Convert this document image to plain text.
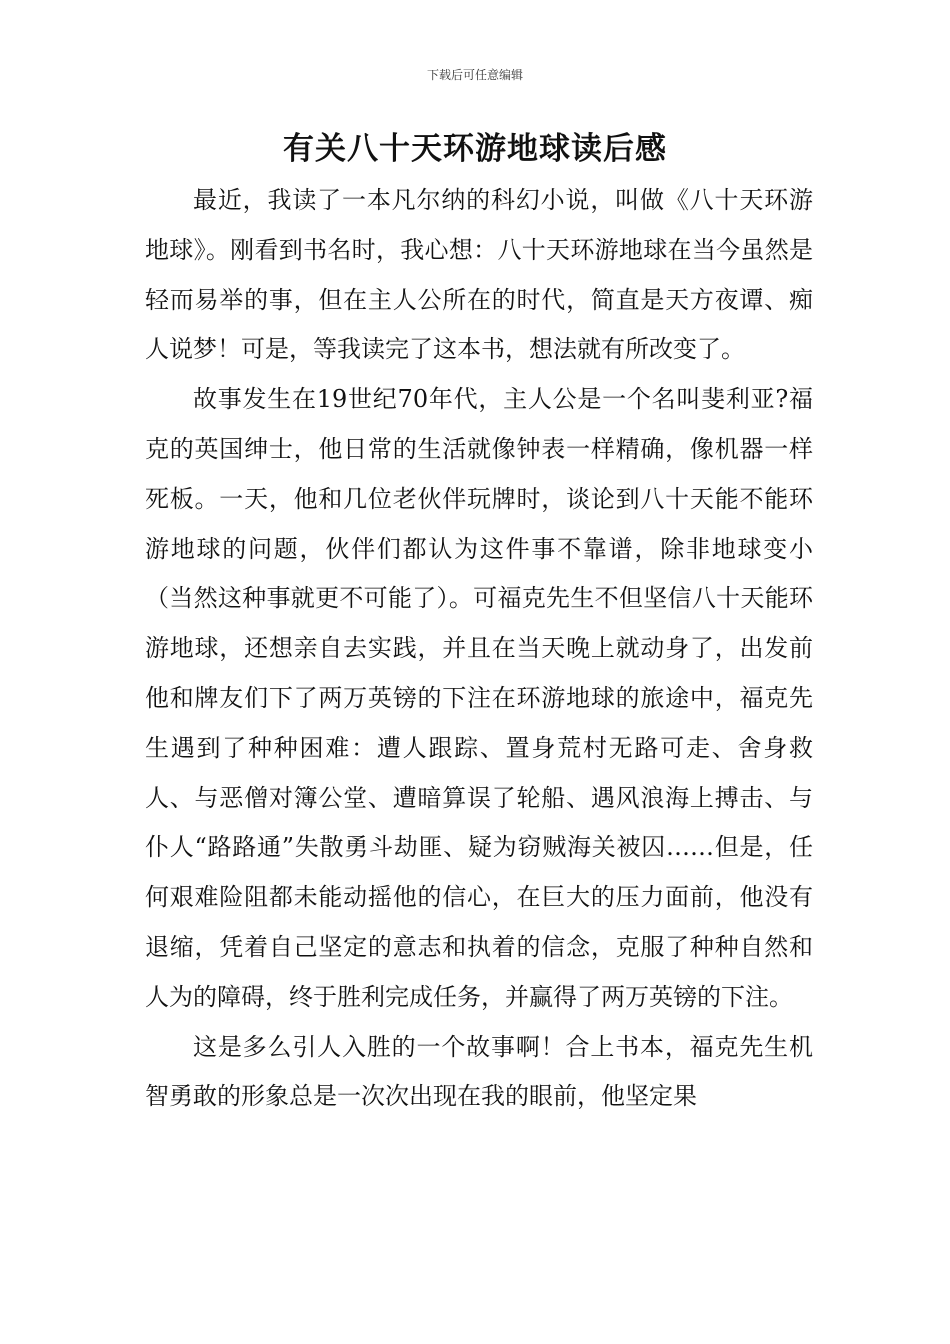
下载后可任意编辑
有关八十天环游地球读后感

最近，我读了一本凡尔纳的科幻小说，叫做《八十天环游地球》。刚看到书名时，我心想：八十天环游地球在当今虽然是轻而易举的事，但在主人公所在的时代，简直是天方夜谭、痴人说梦！可是，等我读完了这本书，想法就有所改变了。

故事发生在19世纪70年代，主人公是一个名叫斐利亚?福克的英国绅士，他日常的生活就像钟表一样精确，像机器一样死板。一天，他和几位老伙伴玩牌时，谈论到八十天能不能环游地球的问题，伙伴们都认为这件事不靠谱，除非地球变小（当然这种事就更不可能了）。可福克先生不但坚信八十天能环游地球，还想亲自去实践，并且在当天晚上就动身了，出发前他和牌友们下了两万英镑的下注在环游地球的旅途中，福克先生遇到了种种困难：遭人跟踪、置身荒村无路可走、舍身救人、与恶僧对簿公堂、遭暗算误了轮船、遇风浪海上搏击、与仆人“路路通”失散勇斗劫匪、疑为窃贼海关被囚……但是，任何艰难险阻都未能动摇他的信心，在巨大的压力面前，他没有退缩，凭着自己坚定的意志和执着的信念，克服了种种自然和人为的障碍，终于胜利完成任务，并赢得了两万英镑的下注。

这是多么引人入胜的一个故事啊！合上书本，福克先生机智勇敢的形象总是一次次出现在我的眼前，他坚定果
